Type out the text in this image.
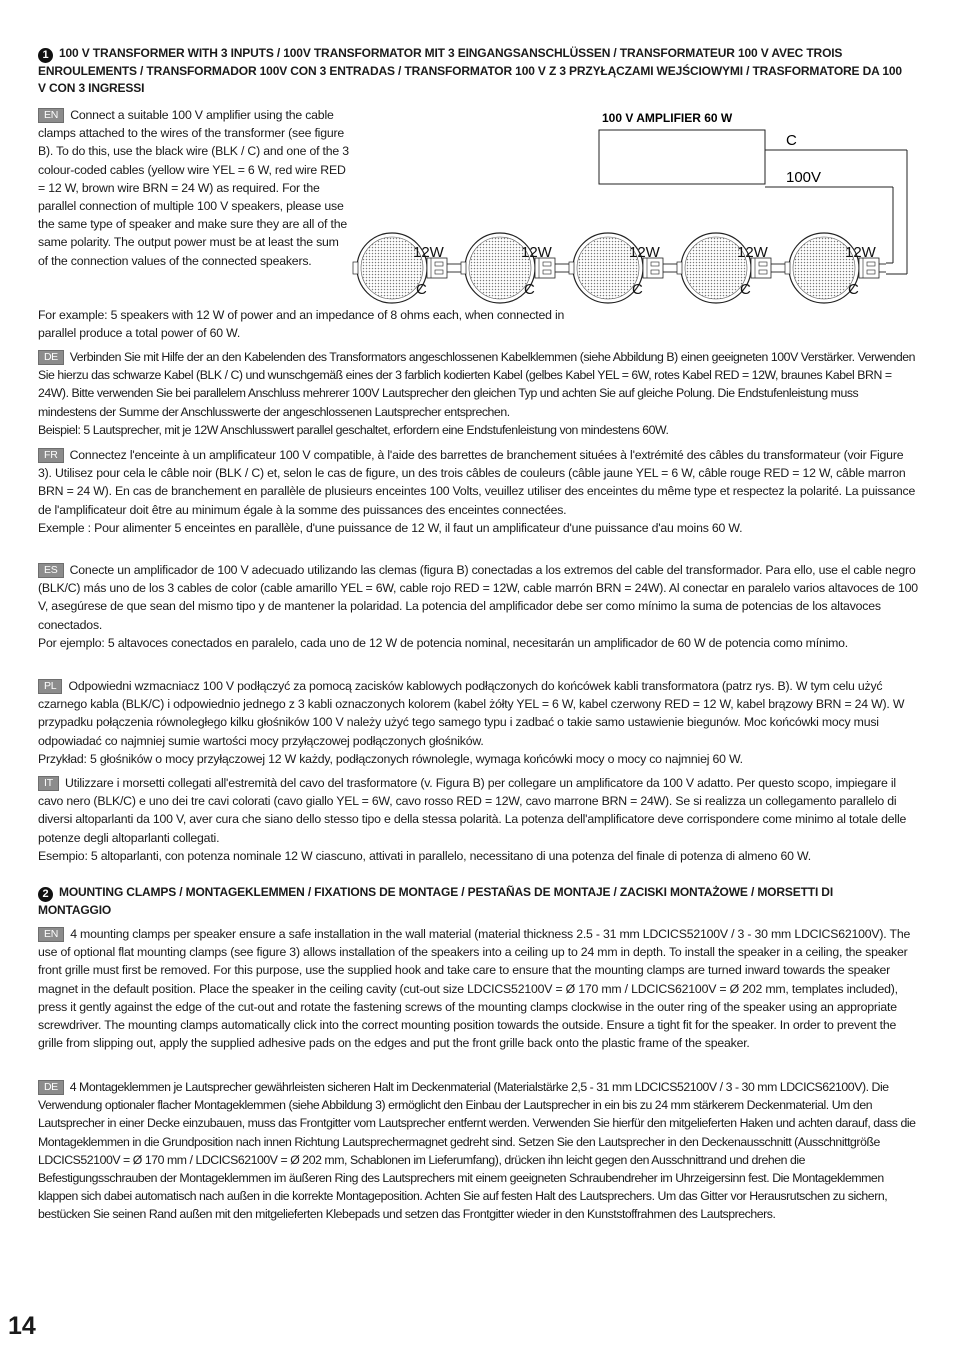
1 100 V TRANSFORMER WITH 3 INPUTS / 100V TRANSFORMATOR MIT 3 EINGANGSANSCHLÜSSEN / TRANSFORMATEUR 100 V AVEC TROIS ENROULEMENTS / TRANSFORMADOR 100V CON 3 ENTRADAS / TRANSFORMATOR 100 V Z 3 PRZYŁĄCZAMI WEJŚCIOWYMI / TRASFORMATORE DA 100 V CON 3 INGRESSI

EN Connect a suitable 100 V amplifier using the cable clamps attached to the wires of the transformer (see figure B). To do this, use the black wire (BLK / C) and one of the 3 colour-coded cables (yellow wire YEL = 6 W, red wire RED = 12 W, brown wire BRN = 24 W) as required. For the parallel connection of multiple 100 V speakers, please use the same type of speaker and make sure they are all of the same polarity. The output power must be at least the sum of the connection values of the connected speakers.

For example: 5 speakers with 12 W of power and an impedance of 8 ohms each, when connected in parallel produce a total power of 60 W.

100 V AMPLIFIER 60 W
C
100V
12W
C
12W
C
12W
C
12W
C
12W
C

DE Verbinden Sie mit Hilfe der an den Kabelenden des Transformators angeschlossenen Kabelklemmen (siehe Abbildung B) einen geeigneten 100V Verstärker. Verwenden Sie hierzu das schwarze Kabel (BLK / C) und wunschgemäß eines der 3 farblich kodierten Kabel (gelbes Kabel YEL = 6W, rotes Kabel RED = 12W, braunes Kabel BRN = 24W). Bitte verwenden Sie bei parallelem Anschluss mehrerer 100V Lautsprecher den gleichen Typ und achten Sie auf gleiche Polung. Die Endstufenleistung muss mindestens der Summe der Anschlusswerte der angeschlossenen Lautsprecher entsprechen.

Beispiel: 5 Lautsprecher, mit je 12W Anschlusswert parallel geschaltet, erfordern eine Endstufenleistung von mindestens 60W.

FR Connectez l'enceinte à un amplificateur 100 V compatible, à l'aide des barrettes de branchement situées à l'extrémité des câbles du transformateur (voir Figure 3). Utilisez pour cela le câble noir (BLK / C) et, selon le cas de figure, un des trois câbles de couleurs (câble jaune YEL = 6 W, câble rouge RED = 12 W, câble marron BRN = 24 W). En cas de branchement en parallèle de plusieurs enceintes 100 Volts, veuillez utiliser des enceintes du même type et respectez la polarité. La puissance de l'amplificateur doit être au minimum égale à la somme des puissances des enceintes connectées.

Exemple : Pour alimenter 5 enceintes en parallèle, d'une puissance de 12 W, il faut un amplificateur d'une puissance d'au moins 60 W.

ES Conecte un amplificador de 100 V adecuado utilizando las clemas (figura B) conectadas a los extremos del cable del transformador. Para ello, use el cable negro (BLK/C) más uno de los 3 cables de color (cable amarillo YEL = 6W, cable rojo RED = 12W, cable marrón BRN = 24W). Al conectar en paralelo varios altavoces de 100 V, asegúrese de que sean del mismo tipo y de mantener la polaridad. La potencia del amplificador debe ser como mínimo la suma de potencias de los altavoces conectados.

Por ejemplo: 5 altavoces conectados en paralelo, cada uno de 12 W de potencia nominal, necesitarán un amplificador de 60 W de potencia como mínimo.

PL Odpowiedni wzmacniacz 100 V podłączyć za pomocą zacisków kablowych podłączonych do końcówek kabli transformatora (patrz rys. B). W tym celu użyć czarnego kabla (BLK/C) i odpowiednio jednego z 3 kabli oznaczonych kolorem (kabel żółty YEL = 6 W, kabel czerwony RED = 12 W, kabel brązowy BRN = 24 W). W przypadku połączenia równoległego kilku głośników 100 V należy użyć tego samego typu i zadbać o takie samo ustawienie biegunów. Moc końcówki mocy musi odpowiadać co najmniej sumie wartości mocy przyłączowej podłączonych głośników.

Przykład: 5 głośników o mocy przyłączowej 12 W każdy, podłączonych równolegle, wymaga końcówki mocy o mocy co najmniej 60 W.

IT Utilizzare i morsetti collegati all'estremità del cavo del trasformatore (v. Figura B) per collegare un amplificatore da 100 V adatto. Per questo scopo, impiegare il cavo nero (BLK/C) e uno dei tre cavi colorati (cavo giallo YEL = 6W, cavo rosso RED = 12W, cavo marrone BRN = 24W). Se si realizza un collegamento parallelo di diversi altoparlanti da 100 V, aver cura che siano dello stesso tipo e della stessa polarità. La potenza dell'amplificatore deve corrispondere come minimo al totale delle potenze degli altoparlanti collegati.

Esempio: 5 altoparlanti, con potenza nominale 12 W ciascuno, attivati in parallelo, necessitano di una potenza del finale di potenza di almeno 60 W.

2 MOUNTING CLAMPS / MONTAGEKLEMMEN / FIXATIONS DE MONTAGE / PESTAÑAS DE MONTAJE / ZACISKI MONTAŻOWE / MORSETTI DI MONTAGGIO

EN 4 mounting clamps per speaker ensure a safe installation in the wall material (material thickness 2.5 - 31 mm LDCICS52100V / 3 - 30 mm LDCICS62100V). The use of optional flat mounting clamps (see figure 3) allows installation of the speakers into a ceiling up to 24 mm in depth. To install the speaker in a ceiling, the speaker front grille must first be removed. For this purpose, use the supplied hook and take care to ensure that the mounting clamps are turned inward towards the speaker magnet in the default position. Place the speaker in the ceiling cavity (cut-out size LDCICS52100V = Ø 170 mm / LDCICS62100V = Ø 202 mm, templates included), press it gently against the edge of the cut-out and rotate the fastening screws of the mounting clamps clockwise in the outer ring of the speaker using an appropriate screwdriver. The mounting clamps automatically click into the correct mounting position towards the outside. Ensure a tight fit for the speaker. In order to prevent the grille from slipping out, apply the supplied adhesive pads on the edges and put the front grille back onto the plastic frame of the speaker.

DE 4 Montageklemmen je Lautsprecher gewährleisten sicheren Halt im Deckenmaterial (Materialstärke 2,5 - 31 mm LDCICS52100V / 3 - 30 mm LDCICS62100V). Die Verwendung optionaler flacher Montageklemmen (siehe Abbildung 3) ermöglicht den Einbau der Lautsprecher in ein bis zu 24 mm stärkerem Deckenmaterial. Um den Lautsprecher in einer Decke einzubauen, muss das Frontgitter vom Lautsprecher entfernt werden. Verwenden Sie hierfür den mitgelieferten Haken und achten darauf, dass die Montageklemmen in die Grundposition nach innen Richtung Lautsprechermagnet gedreht sind. Setzen Sie den Lautsprecher in den Deckenausschnitt (Ausschnittgröße LDCICS52100V = Ø 170 mm / LDCICS62100V = Ø 202 mm, Schablonen im Lieferumfang), drücken ihn leicht gegen den Ausschnittrand und drehen die Befestigungsschrauben der Montageklemmen im äußeren Ring des Lautsprechers mit einem geeigneten Schraubendreher im Uhrzeigersinn fest. Die Montageklemmen klappen sich dabei automatisch nach außen in die korrekte Montageposition. Achten Sie auf festen Halt des Lautsprechers. Um das Gitter vor Herausrutschen zu sichern, bestücken Sie seinen Rand außen mit den mitgelieferten Klebepads und setzen das Frontgitter wieder in den Kunststoffrahmen des Lautsprechers.

14
